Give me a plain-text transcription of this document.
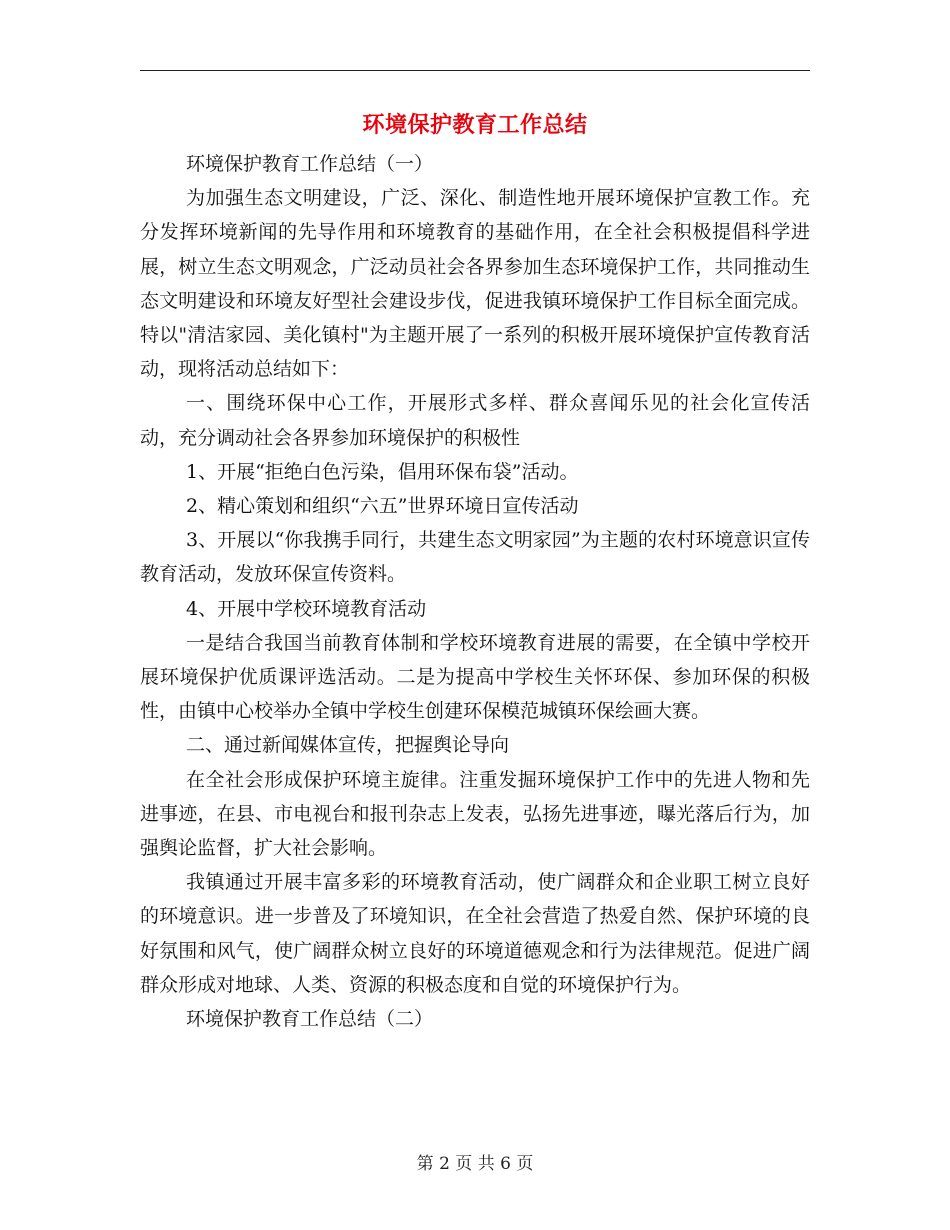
环境保护教育工作总结

环境保护教育工作总结（一）

为加强生态文明建设，广泛、深化、制造性地开展环境保护宣教工作。充分发挥环境新闻的先导作用和环境教育的基础作用，在全社会积极提倡科学进展，树立生态文明观念，广泛动员社会各界参加生态环境保护工作，共同推动生态文明建设和环境友好型社会建设步伐，促进我镇环境保护工作目标全面完成。特以"清洁家园、美化镇村"为主题开展了一系列的积极开展环境保护宣传教育活动，现将活动总结如下：

一、围绕环保中心工作，开展形式多样、群众喜闻乐见的社会化宣传活动，充分调动社会各界参加环境保护的积极性

1、开展“拒绝白色污染，倡用环保布袋”活动。

2、精心策划和组织“六五”世界环境日宣传活动

3、开展以“你我携手同行，共建生态文明家园”为主题的农村环境意识宣传教育活动，发放环保宣传资料。

4、开展中学校环境教育活动

一是结合我国当前教育体制和学校环境教育进展的需要，在全镇中学校开展环境保护优质课评选活动。二是为提高中学校生关怀环保、参加环保的积极性，由镇中心校举办全镇中学校生创建环保模范城镇环保绘画大赛。

二、通过新闻媒体宣传，把握舆论导向

在全社会形成保护环境主旋律。注重发掘环境保护工作中的先进人物和先进事迹，在县、市电视台和报刊杂志上发表，弘扬先进事迹，曝光落后行为，加强舆论监督，扩大社会影响。

我镇通过开展丰富多彩的环境教育活动，使广阔群众和企业职工树立良好的环境意识。进一步普及了环境知识，在全社会营造了热爱自然、保护环境的良好氛围和风气，使广阔群众树立良好的环境道德观念和行为法律规范。促进广阔群众形成对地球、人类、资源的积极态度和自觉的环境保护行为。

环境保护教育工作总结（二）

第 2 页 共 6 页
